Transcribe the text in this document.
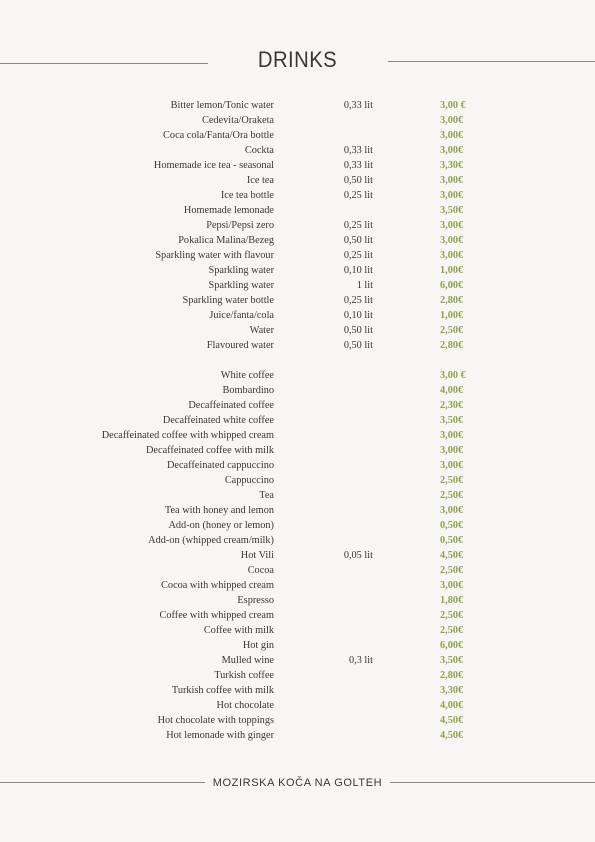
DRINKS
Bitter lemon/Tonic water	0,33 lit	3,00 €
Cedevita/Oraketa	3,00€
Coca cola/Fanta/Ora bottle	3,00€
Cockta	0,33 lit	3,00€
Homemade ice tea - seasonal	0,33 lit	3,30€
Ice tea	0,50 lit	3,00€
Ice tea bottle	0,25 lit	3,00€
Homemade lemonade	3,50€
Pepsi/Pepsi zero	0,25 lit	3,00€
Pokalica Malina/Bezeg	0,50 lit	3,00€
Sparkling water with flavour	0,25 lit	3,00€
Sparkling water	0,10 lit	1,00€
Sparkling water	1 lit	6,00€
Sparkling water bottle	0,25 lit	2,80€
Juice/fanta/cola	0,10 lit	1,00€
Water	0,50 lit	2,50€
Flavoured water	0,50 lit	2,80€
White coffee	3,00 €
Bombardino	4,00€
Decaffeinated coffee	2,30€
Decaffeinated white coffee	3,50€
Decaffeinated coffee with whipped cream	3,00€
Decaffeinated coffee with milk	3,00€
Decaffeinated cappuccino	3,00€
Cappuccino	2,50€
Tea	2,50€
Tea with honey and lemon	3,00€
Add-on (honey or lemon)	0,50€
Add-on (whipped cream/milk)	0,50€
Hot Vili	0,05 lit	4,50€
Cocoa	2,50€
Cocoa with whipped cream	3,00€
Espresso	1,80€
Coffee with whipped cream	2,50€
Coffee with milk	2,50€
Hot gin	6,00€
Mulled wine	0,3 lit	3,50€
Turkish coffee	2,80€
Turkish coffee with milk	3,30€
Hot chocolate	4,00€
Hot chocolate with toppings	4,50€
Hot lemonade with ginger	4,50€
MOZIRSKA KOČA NA GOLTEH
